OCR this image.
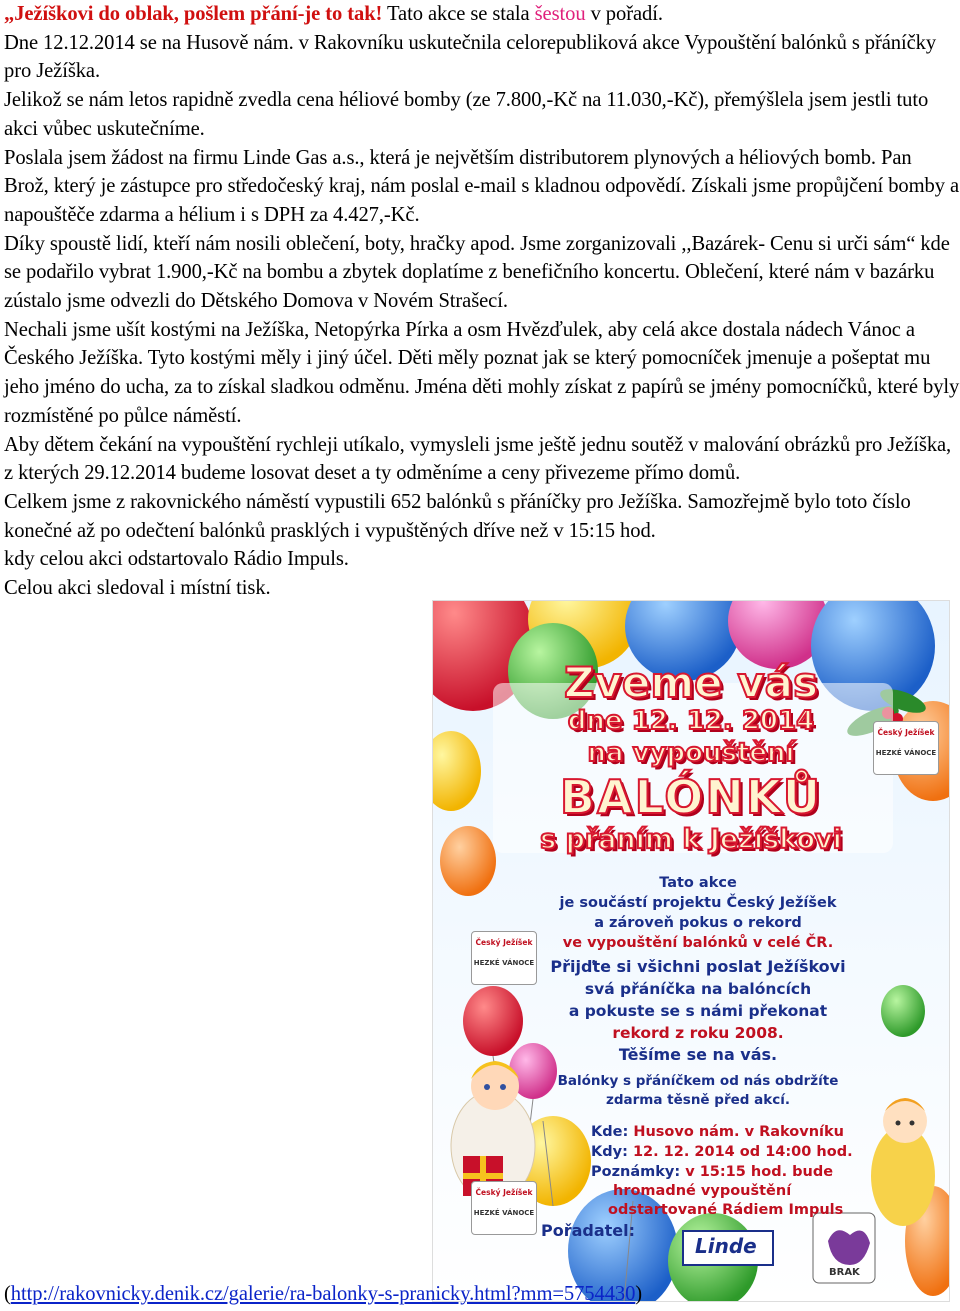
„Ježíškovi do oblak, pošlem přání-je to tak! Tato akce se stala šestou v pořadí.

Dne 12.12.2014 se na Husově nám. v Rakovníku uskutečnila celorepubliková akce Vypouštění balónků s přáníčky pro Ježíška.

Jelikož se nám letos rapidně zvedla cena héliové bomby (ze 7.800,-Kč na 11.030,-Kč), přemýšlela jsem jestli tuto akci vůbec uskutečníme.

Poslala jsem žádost na firmu Linde Gas a.s., která je největším distributorem plynových a héliových bomb. Pan Brož, který je zástupce pro středočeský kraj, nám poslal e-mail s kladnou odpovědí. Získali jsme propůjčení bomby a napouštěče zdarma a hélium i s DPH za 4.427,-Kč.

Díky spoustě lidí, kteří nám nosili oblečení, boty, hračky apod. Jsme zorganizovali ,,Bazárek- Cenu si urči sám“ kde se podařilo vybrat 1.900,-Kč na bombu a zbytek doplatíme z benefičního koncertu. Oblečení, které nám v bazárku zústalo jsme odvezli do Dětského Domova v Novém Strašecí.

Nechali jsme ušít kostými na Ježíška, Netopýrka Pírka a osm Hvězďulek, aby celá akce dostala nádech Vánoc a Českého Ježíška. Tyto kostými měly i jiný účel. Děti měly poznat jak se který pomocníček jmenuje a pošeptat mu jeho jméno do ucha, za to získal sladkou odměnu. Jména děti mohly získat z papírů se jmény pomocníčků, které byly rozmístěné po půlce náměstí.

Aby dětem čekání na vypouštění rychleji utíkalo, vymysleli jsme ještě jednu soutěž v malování obrázků pro Ježíška, z kterých 29.12.2014 budeme losovat deset a ty odměníme a ceny přivezeme přímo domů.

Celkem jsme z rakovnického náměstí vypustili 652 balónků s přáníčky pro Ježíška. Samozřejmě bylo toto číslo konečné až po odečtení balónků prasklých i vypuštěných dříve než v 15:15 hod.

kdy celou akci odstartovalo Rádio Impuls.

Celou akci sledoval i místní tisk.

Zveme vás
dne 12. 12. 2014
na vypouštění
BALÓNKŮ
s přáním k Ježíškovi
Český Ježíšek
HEZKÉ VÁNOCE
Český Ježíšek
HEZKÉ VÁNOCE
Český Ježíšek
HEZKÉ VÁNOCE
Tato akce
je součástí projektu Český Ježíšek
a zároveň pokus o rekord
ve vypouštění balónků v celé ČR.
Přijďte si všichni poslat Ježíškovi
svá přáníčka na balóncích
a pokuste se s námi překonat
rekord z roku 2008.
Těšíme se na vás.
Balónky s přáníčkem od nás obdržíte
zdarma těsně před akcí.
Kde: Husovo nám. v Rakovníku
Kdy: 12. 12. 2014 od 14:00 hod.
Poznámky: v 15:15 hod. bude
hromadné vypouštění
odstartované Rádiem Impuls
Pořadatel:
Linde
BRAK
(http://rakovnicky.denik.cz/galerie/ra-balonky-s-pranicky.html?mm=5754430)
